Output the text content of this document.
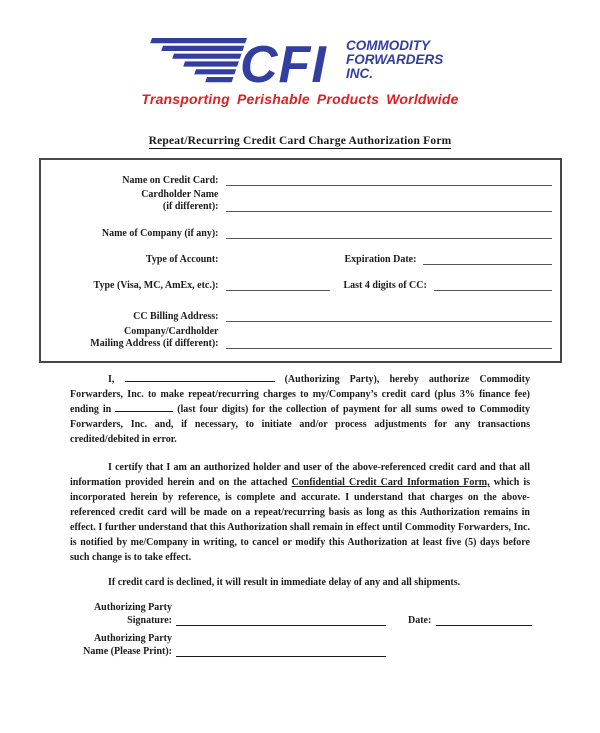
CFI COMMODITY
FORWARDERS
INC.
Transporting Perishable Products Worldwide
Repeat/Recurring Credit Card Charge Authorization Form
Name on Credit Card:
Cardholder Name
(if different):
Name of Company (if any):
Type of Account:	Expiration Date:
Type (Visa, MC, AmEx, etc.):	Last 4 digits of CC:
CC Billing Address:
Company/Cardholder
Mailing Address (if different):

I,	(Authorizing Party), hereby authorize Commodity Forwarders, Inc. to make repeat/recurring charges to my/Company’s credit card (plus 3% finance fee) ending in	(last four digits) for the collection of payment for all sums owed to Commodity Forwarders, Inc. and, if necessary, to initiate and/or process adjustments for any transactions credited/debited in error.

I certify that I am an authorized holder and user of the above-referenced credit card and that all information provided herein and on the attached Confidential Credit Card Information Form, which is incorporated herein by reference, is complete and accurate. I understand that charges on the above-referenced credit card will be made on a repeat/recurring basis as long as this Authorization remains in effect. I further understand that this Authorization shall remain in effect until Commodity Forwarders, Inc. is notified by me/Company in writing, to cancel or modify this Authorization at least five (5) days before such change is to take effect.

If credit card is declined, it will result in immediate delay of any and all shipments.

Authorizing Party
Signature:	Date:
Authorizing Party
Name (Please Print):
